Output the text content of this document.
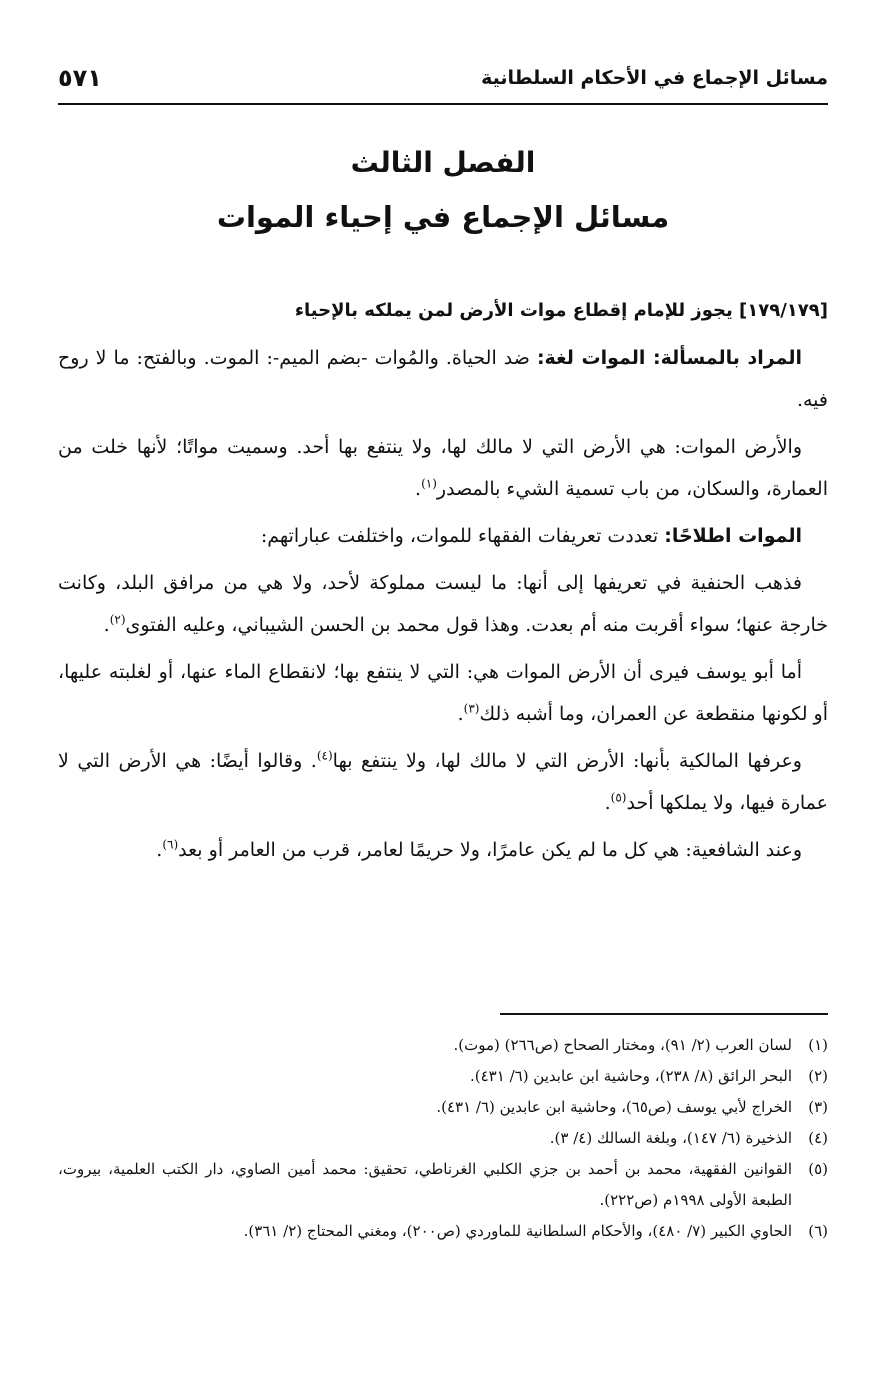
مسائل الإجماع في الأحكام السلطانية
٥٧١
الفصل الثالث
مسائل الإجماع في إحياء الموات

[١٧٩/١٧٩] يجوز للإمام إقطاع موات الأرض لمن يملكه بالإحياء

المراد بالمسألة: الموات لغة: ضد الحياة. والمُوات -بضم الميم-: الموت. وبالفتح: ما لا روح فيه.

والأرض الموات: هي الأرض التي لا مالك لها، ولا ينتفع بها أحد. وسميت مواتًا؛ لأنها خلت من العمارة، والسكان، من باب تسمية الشيء بالمصدر$^{(١)}$.

الموات اطلاحًا: تعددت تعريفات الفقهاء للموات، واختلفت عباراتهم:

فذهب الحنفية في تعريفها إلى أنها: ما ليست مملوكة لأحد، ولا هي من مرافق البلد، وكانت خارجة عنها؛ سواء أقربت منه أم بعدت. وهذا قول محمد بن الحسن الشيباني، وعليه الفتوى$^{(٢)}$.

أما أبو يوسف فيرى أن الأرض الموات هي: التي لا ينتفع بها؛ لانقطاع الماء عنها، أو لغلبته عليها، أو لكونها منقطعة عن العمران، وما أشبه ذلك$^{(٣)}$.

وعرفها المالكية بأنها: الأرض التي لا مالك لها، ولا ينتفع بها$^{(٤)}$. وقالوا أيضًا: هي الأرض التي لا عمارة فيها، ولا يملكها أحد$^{(٥)}$.

وعند الشافعية: هي كل ما لم يكن عامرًا، ولا حريمًا لعامر، قرب من العامر أو بعد$^{(٦)}$.

(١)
لسان العرب (٢/ ٩١)، ومختار الصحاح (ص٢٦٦) (موت).
(٢)
البحر الرائق (٨/ ٢٣٨)، وحاشية ابن عابدين (٦/ ٤٣١).
(٣)
الخراج لأبي يوسف (ص٦٥)، وحاشية ابن عابدين (٦/ ٤٣١).
(٤)
الذخيرة (٦/ ١٤٧)، وبلغة السالك (٤/ ٣).
(٥)
القوانين الفقهية، محمد بن أحمد بن جزي الكلبي الغرناطي، تحقيق: محمد أمين الصاوي، دار الكتب العلمية، بيروت، الطبعة الأولى ١٩٩٨م (ص٢٢٢).
(٦)
الحاوي الكبير (٧/ ٤٨٠)، والأحكام السلطانية للماوردي (ص٢٠٠)، ومغني المحتاج (٢/ ٣٦١).
